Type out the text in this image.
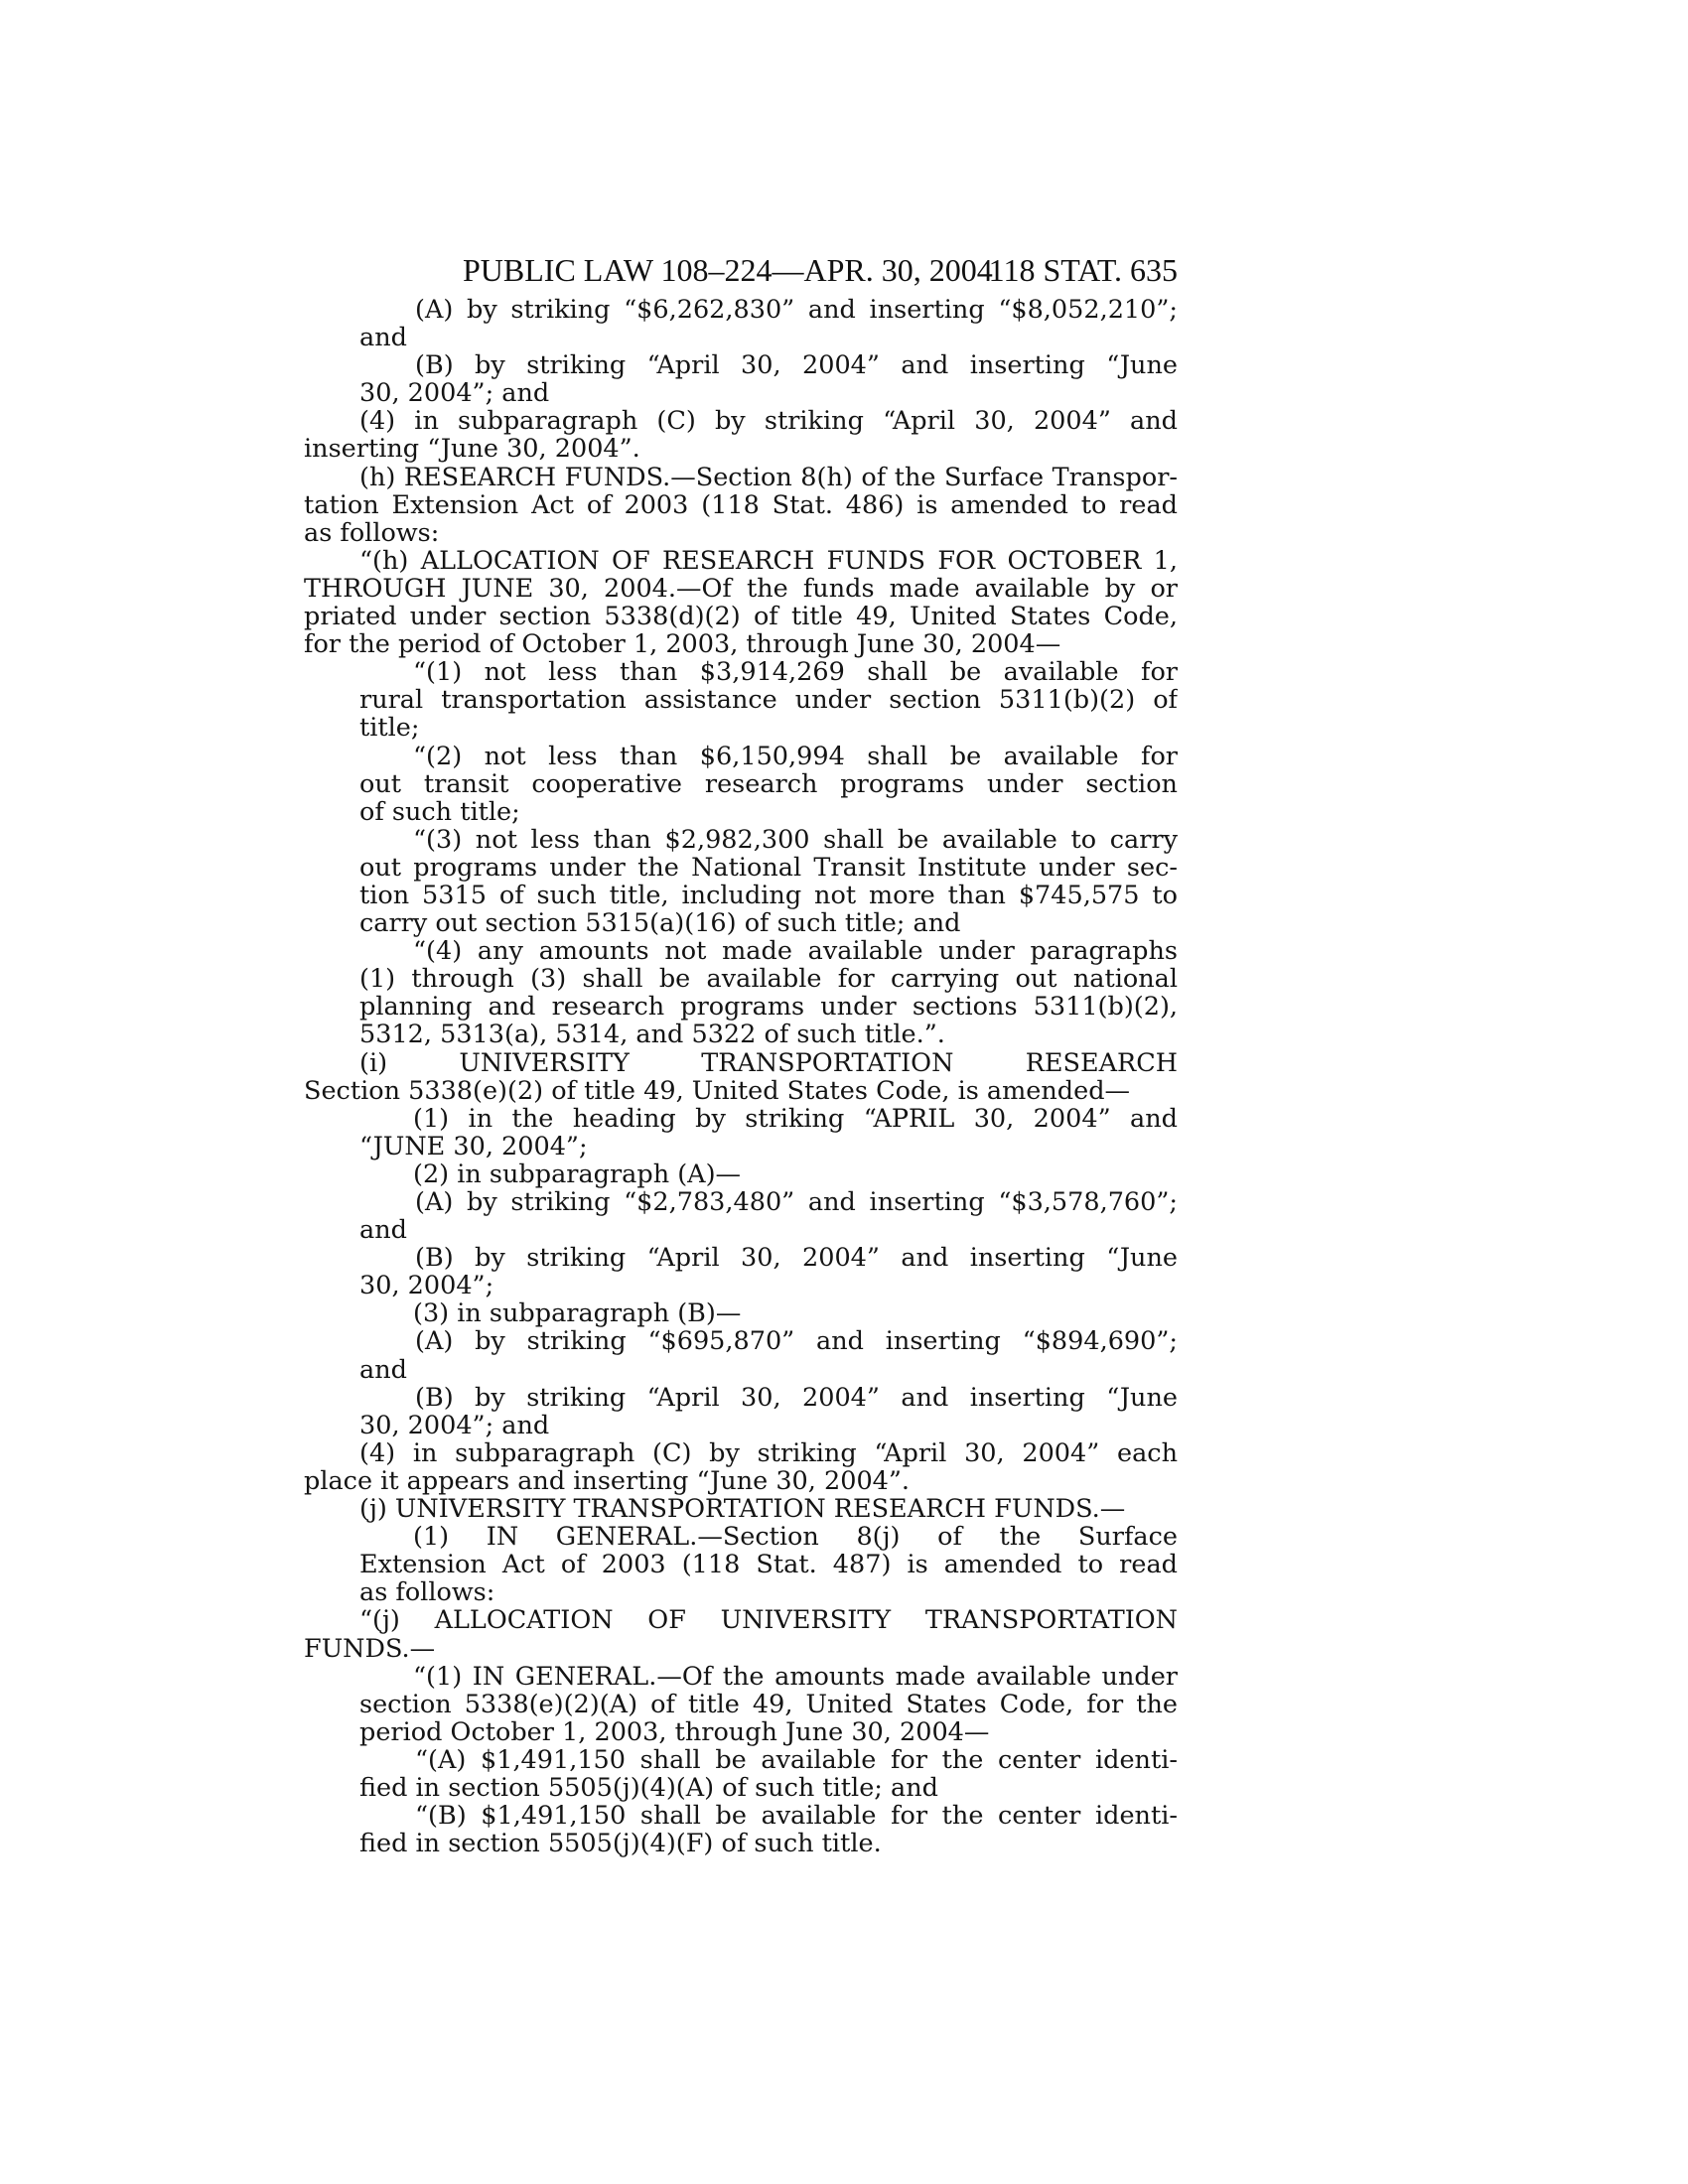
PUBLIC LAW 108–224—APR. 30, 2004
118 STAT. 635
(A) by striking “$6,262,830” and inserting “$8,052,210”;
and
(B) by striking “April 30, 2004” and inserting “June
30, 2004”; and
(4) in subparagraph (C) by striking “April 30, 2004” and
inserting “June 30, 2004”.
(h) RESEARCH FUNDS.—Section 8(h) of the Surface Transpor-
tation Extension Act of 2003 (118 Stat. 486) is amended to read
as follows:
“(h) ALLOCATION OF RESEARCH FUNDS FOR OCTOBER 1,
THROUGH JUNE 30, 2004.—Of the funds made available by or
priated under section 5338(d)(2) of title 49, United States Code,
for the period of October 1, 2003, through June 30, 2004—
“(1) not less than $3,914,269 shall be available for
rural transportation assistance under section 5311(b)(2) of
title;
“(2) not less than $6,150,994 shall be available for
out transit cooperative research programs under section
of such title;
“(3) not less than $2,982,300 shall be available to carry
out programs under the National Transit Institute under sec-
tion 5315 of such title, including not more than $745,575 to
carry out section 5315(a)(16) of such title; and
“(4) any amounts not made available under paragraphs
(1) through (3) shall be available for carrying out national
planning and research programs under sections 5311(b)(2),
5312, 5313(a), 5314, and 5322 of such title.”.
(i) UNIVERSITY TRANSPORTATION RESEARCH
Section 5338(e)(2) of title 49, United States Code, is amended—
(1) in the heading by striking “APRIL 30, 2004” and
“JUNE 30, 2004”;
(2) in subparagraph (A)—
(A) by striking “$2,783,480” and inserting “$3,578,760”;
and
(B) by striking “April 30, 2004” and inserting “June
30, 2004”;
(3) in subparagraph (B)—
(A) by striking “$695,870” and inserting “$894,690”;
and
(B) by striking “April 30, 2004” and inserting “June
30, 2004”; and
(4) in subparagraph (C) by striking “April 30, 2004” each
place it appears and inserting “June 30, 2004”.
(j) UNIVERSITY TRANSPORTATION RESEARCH FUNDS.—
(1) IN GENERAL.—Section 8(j) of the Surface
Extension Act of 2003 (118 Stat. 487) is amended to read
as follows:
“(j) ALLOCATION OF UNIVERSITY TRANSPORTATION
FUNDS.—
“(1) IN GENERAL.—Of the amounts made available under
section 5338(e)(2)(A) of title 49, United States Code, for the
period October 1, 2003, through June 30, 2004—
“(A) $1,491,150 shall be available for the center identi-
fied in section 5505(j)(4)(A) of such title; and
“(B) $1,491,150 shall be available for the center identi-
fied in section 5505(j)(4)(F) of such title.
